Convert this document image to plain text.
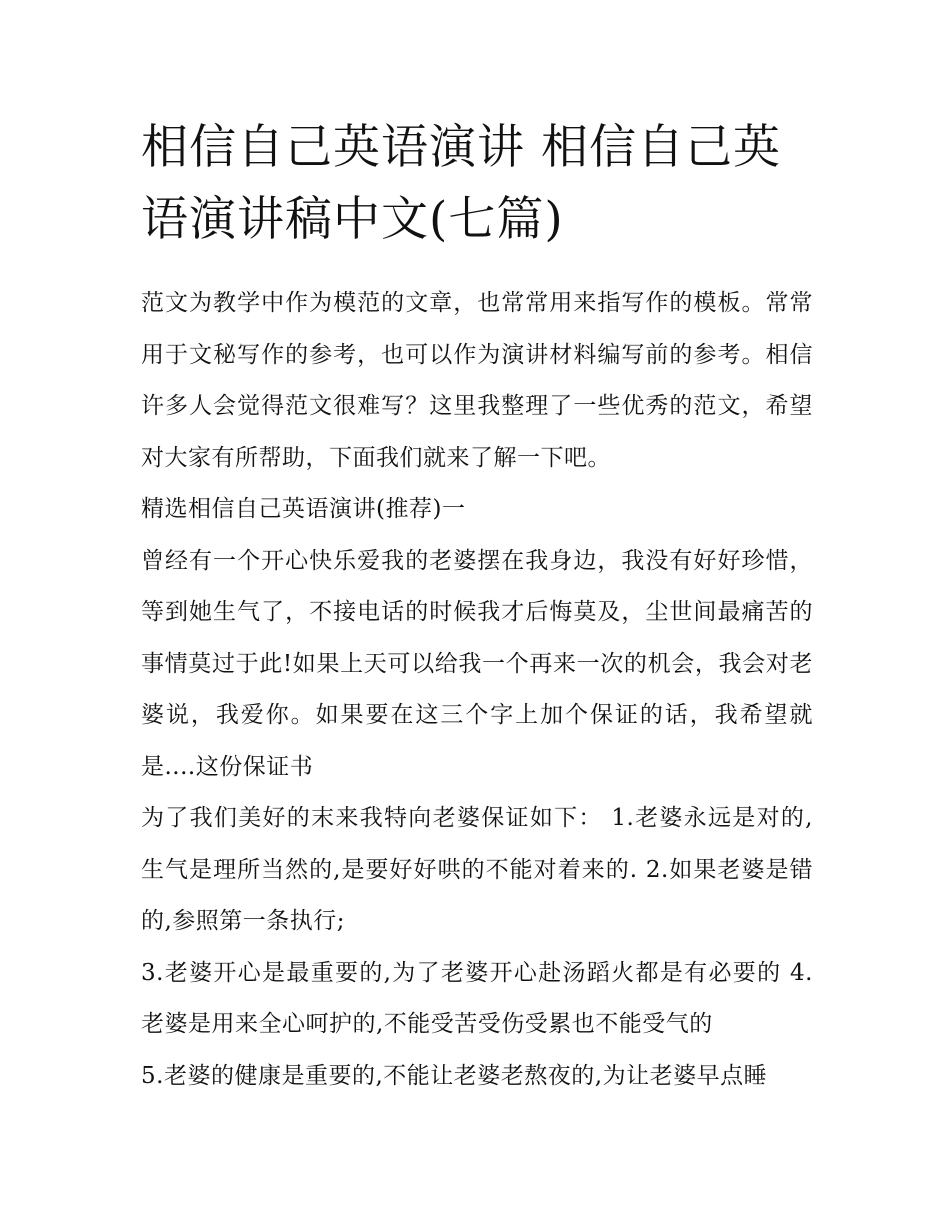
相信自己英语演讲 相信自己英语演讲稿中文(七篇)

范文为教学中作为模范的文章，也常常用来指写作的模板。常常用于文秘写作的参考，也可以作为演讲材料编写前的参考。相信许多人会觉得范文很难写？这里我整理了一些优秀的范文，希望对大家有所帮助，下面我们就来了解一下吧。

精选相信自己英语演讲(推荐)一

曾经有一个开心快乐爱我的老婆摆在我身边，我没有好好珍惜，等到她生气了，不接电话的时候我才后悔莫及，尘世间最痛苦的事情莫过于此!如果上天可以给我一个再来一次的机会，我会对老婆说，我爱你。如果要在这三个字上加个保证的话，我希望就是....这份保证书

为了我们美好的末来我特向老婆保证如下： 1.老婆永远是对的,生气是理所当然的,是要好好哄的不能对着来的. 2.如果老婆是错的,参照第一条执行;

3.老婆开心是最重要的,为了老婆开心赴汤蹈火都是有必要的 4.老婆是用来全心呵护的,不能受苦受伤受累也不能受气的

5.老婆的健康是重要的,不能让老婆老熬夜的,为让老婆早点睡
